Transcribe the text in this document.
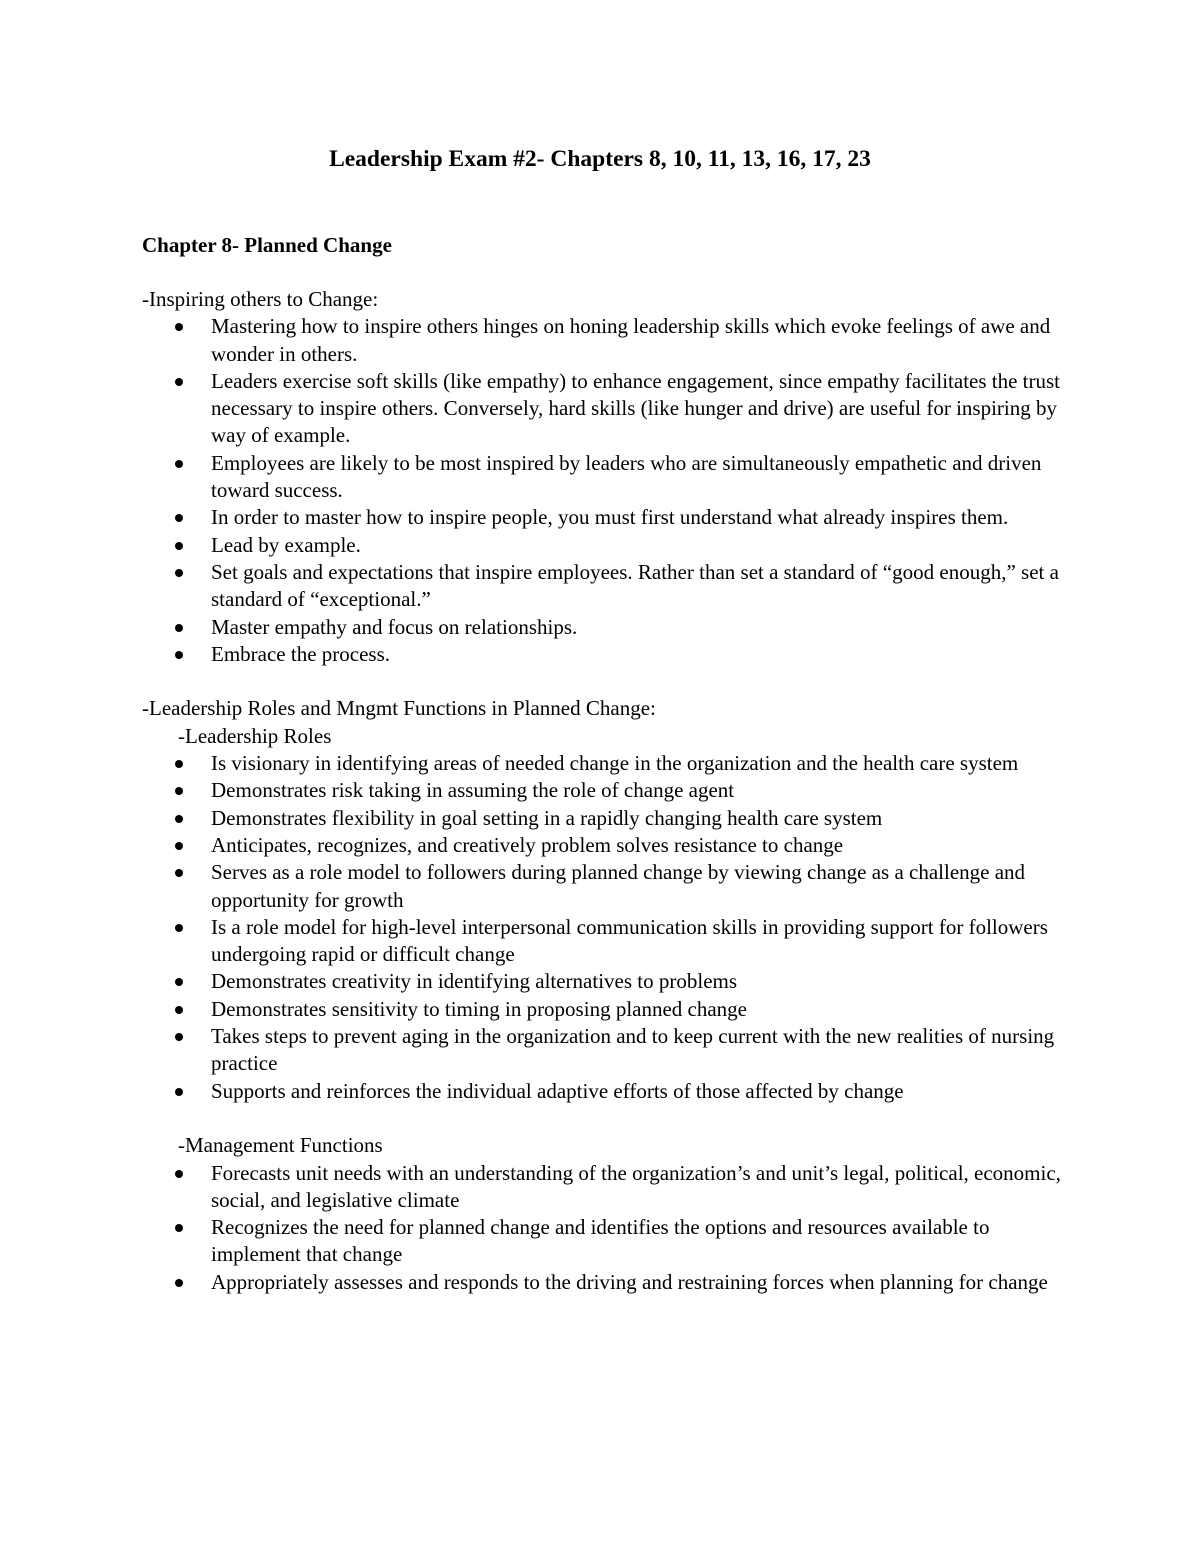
Leadership Exam #2- Chapters 8, 10, 11, 13, 16, 17, 23
Chapter 8- Planned Change

-Inspiring others to Change:

Mastering how to inspire others hinges on honing leadership skills which evoke feelings of awe and wonder in others.
Leaders exercise soft skills (like empathy) to enhance engagement, since empathy facilitates the trust necessary to inspire others. Conversely, hard skills (like hunger and drive) are useful for inspiring by way of example.
Employees are likely to be most inspired by leaders who are simultaneously empathetic and driven toward success.
In order to master how to inspire people, you must first understand what already inspires them.
Lead by example.
Set goals and expectations that inspire employees. Rather than set a standard of “good enough,” set a standard of “exceptional.”
Master empathy and focus on relationships.
Embrace the process.

-Leadership Roles and Mngmt Functions in Planned Change:

-Leadership Roles

Is visionary in identifying areas of needed change in the organization and the health care system
Demonstrates risk taking in assuming the role of change agent
Demonstrates flexibility in goal setting in a rapidly changing health care system
Anticipates, recognizes, and creatively problem solves resistance to change
Serves as a role model to followers during planned change by viewing change as a challenge and opportunity for growth
Is a role model for high-level interpersonal communication skills in providing support for followers undergoing rapid or difficult change
Demonstrates creativity in identifying alternatives to problems
Demonstrates sensitivity to timing in proposing planned change
Takes steps to prevent aging in the organization and to keep current with the new realities of nursing practice
Supports and reinforces the individual adaptive efforts of those affected by change

-Management Functions

Forecasts unit needs with an understanding of the organization’s and unit’s legal, political, economic, social, and legislative climate
Recognizes the need for planned change and identifies the options and resources available to implement that change
Appropriately assesses and responds to the driving and restraining forces when planning for change
